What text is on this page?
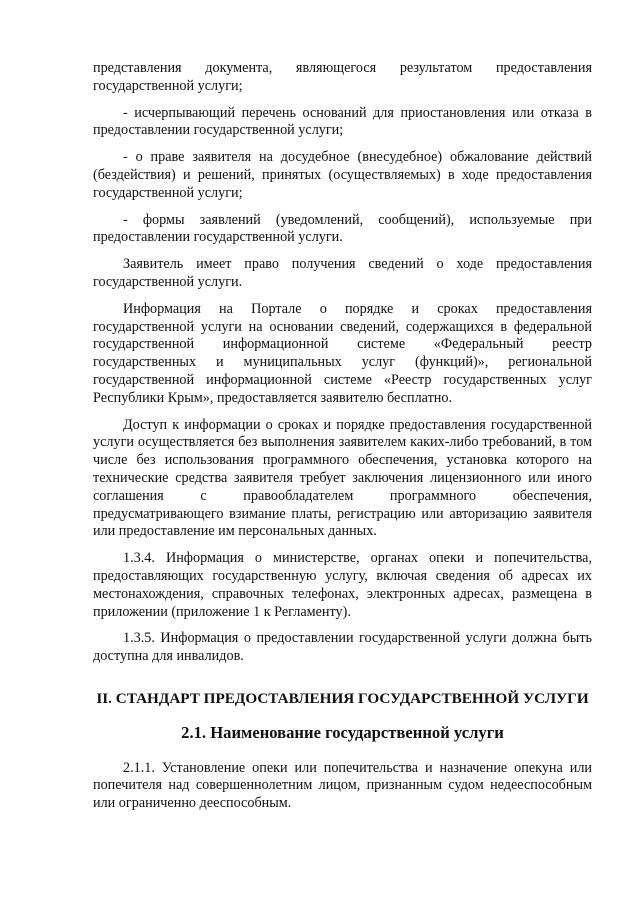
представления документа, являющегося результатом предоставления государственной услуги;

- исчерпывающий перечень оснований для приостановления или отказа в предоставлении государственной услуги;

- о праве заявителя на досудебное (внесудебное) обжалование действий (бездействия) и решений, принятых (осуществляемых) в ходе предоставления государственной услуги;

- формы заявлений (уведомлений, сообщений), используемые при предоставлении государственной услуги.

Заявитель имеет право получения сведений о ходе предоставления государственной услуги.

Информация на Портале о порядке и сроках предоставления государственной услуги на основании сведений, содержащихся в федеральной государственной информационной системе «Федеральный реестр государственных и муниципальных услуг (функций)», региональной государственной информационной системе «Реестр государственных услуг Республики Крым», предоставляется заявителю бесплатно.

Доступ к информации о сроках и порядке предоставления государственной услуги осуществляется без выполнения заявителем каких-либо требований, в том числе без использования программного обеспечения, установка которого на технические средства заявителя требует заключения лицензионного или иного соглашения с правообладателем программного обеспечения, предусматривающего взимание платы, регистрацию или авторизацию заявителя или предоставление им персональных данных.

1.3.4. Информация о министерстве, органах опеки и попечительства, предоставляющих государственную услугу, включая сведения об адресах их местонахождения, справочных телефонах, электронных адресах, размещена в приложении (приложение 1 к Регламенту).

1.3.5. Информация о предоставлении государственной услуги должна быть доступна для инвалидов.

II. СТАНДАРТ ПРЕДОСТАВЛЕНИЯ ГОСУДАРСТВЕННОЙ УСЛУГИ
2.1. Наименование государственной услуги

2.1.1. Установление опеки или попечительства и назначение опекуна или попечителя над совершеннолетним лицом, признанным судом недееспособным или ограниченно дееспособным.
